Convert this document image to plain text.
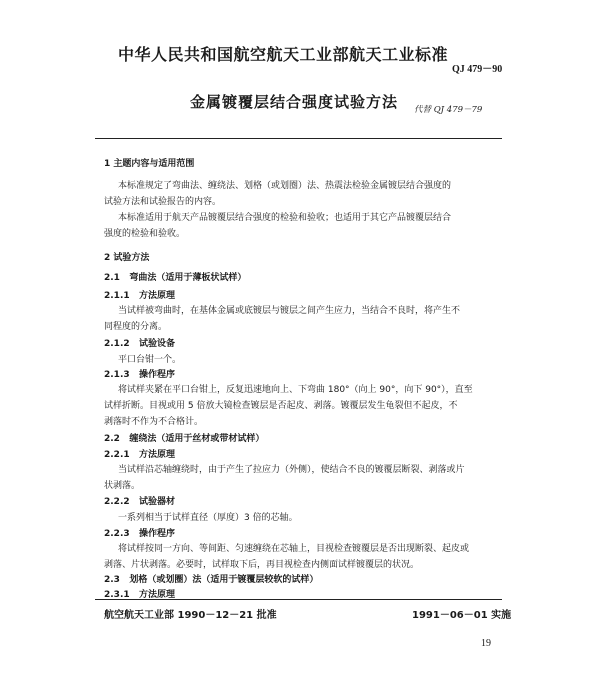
中华人民共和国航空航天工业部航天工业标准
QJ 479－90
金属镀覆层结合强度试验方法 代替 QJ 479－79
1 主题内容与适用范围
本标准规定了弯曲法、缠绕法、划格（或划圈）法、热震法检验金属镀层结合强度的
试验方法和试验报告的内容。
本标准适用于航天产品镀覆层结合强度的检验和验收；也适用于其它产品镀覆层结合
强度的检验和验收。
2 试验方法
2.1 弯曲法（适用于薄板状试样）
2.1.1 方法原理
当试样被弯曲时，在基体金属或底镀层与镀层之间产生应力，当结合不良时，将产生不
同程度的分离。
2.1.2 试验设备
平口台钳一个。
2.1.3 操作程序
将试样夹紧在平口台钳上，反复迅速地向上、下弯曲 180°（向上 90°，向下 90°），直至
试样折断。目视或用 5 倍放大镜检查镀层是否起皮、剥落。镀覆层发生龟裂但不起皮，不
剥落时不作为不合格计。
2.2 缠绕法（适用于丝材或带材试样）
2.2.1 方法原理
当试样沿芯轴缠绕时，由于产生了拉应力（外侧），使结合不良的镀覆层断裂、剥落或片
状剥落。
2.2.2 试验器材
一系列相当于试样直径（厚度）3 倍的芯轴。
2.2.3 操作程序
将试样按同一方向、等间距、匀速缠绕在芯轴上，目视检查镀覆层是否出现断裂、起皮或
剥落、片状剥落。必要时，试样取下后，再目视检查内侧面试样镀覆层的状况。
2.3 划格（或划圈）法（适用于镀覆层较软的试样）
2.3.1 方法原理
航空航天工业部 1990－12－21 批准	1991－06－01 实施
19
